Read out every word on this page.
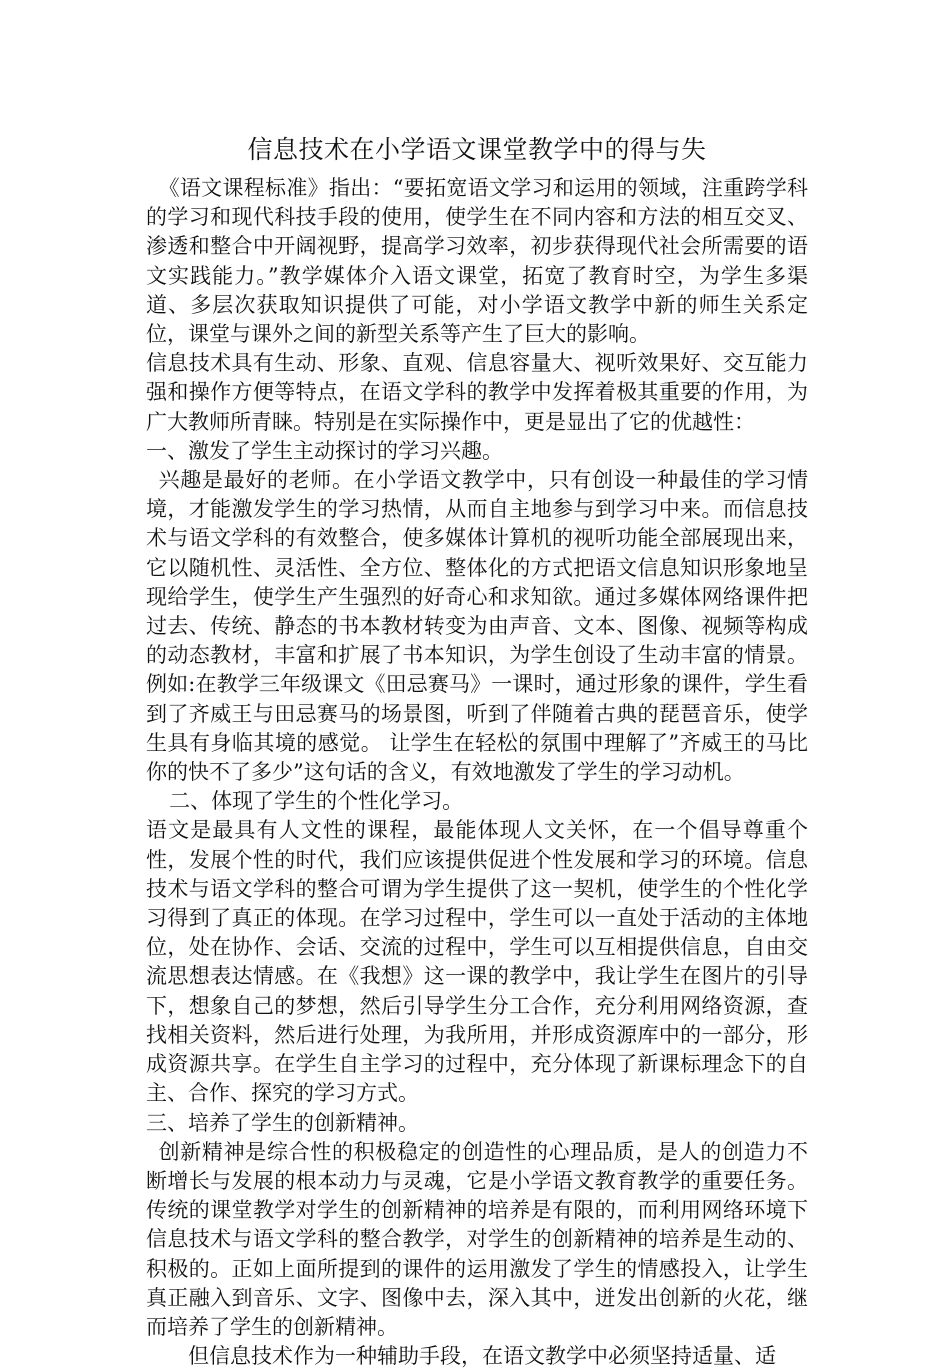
信息技术在小学语文课堂教学中的得与失

《语文课程标准》指出：“要拓宽语文学习和运用的领域，注重跨学科的学习和现代科技手段的使用，使学生在不同内容和方法的相互交叉、渗透和整合中开阔视野，提高学习效率，初步获得现代社会所需要的语文实践能力。”教学媒体介入语文课堂，拓宽了教育时空，为学生多渠道、多层次获取知识提供了可能，对小学语文教学中新的师生关系定位，课堂与课外之间的新型关系等产生了巨大的影响。

信息技术具有生动、形象、直观、信息容量大、视听效果好、交互能力强和操作方便等特点，在语文学科的教学中发挥着极其重要的作用，为广大教师所青睐。特别是在实际操作中，更是显出了它的优越性：

一、激发了学生主动探讨的学习兴趣。

兴趣是最好的老师。在小学语文教学中，只有创设一种最佳的学习情境，才能激发学生的学习热情，从而自主地参与到学习中来。而信息技术与语文学科的有效整合，使多媒体计算机的视听功能全部展现出来，它以随机性、灵活性、全方位、整体化的方式把语文信息知识形象地呈现给学生，使学生产生强烈的好奇心和求知欲。通过多媒体网络课件把过去、传统、静态的书本教材转变为由声音、文本、图像、视频等构成的动态教材，丰富和扩展了书本知识，为学生创设了生动丰富的情景。例如:在教学三年级课文《田忌赛马》一课时，通过形象的课件，学生看到了齐威王与田忌赛马的场景图，听到了伴随着古典的琵琶音乐，使学生具有身临其境的感觉。 让学生在轻松的氛围中理解了”齐威王的马比你的快不了多少”这句话的含义，有效地激发了学生的学习动机。

二、体现了学生的个性化学习。

语文是最具有人文性的课程，最能体现人文关怀，在一个倡导尊重个性，发展个性的时代，我们应该提供促进个性发展和学习的环境。信息技术与语文学科的整合可谓为学生提供了这一契机，使学生的个性化学习得到了真正的体现。在学习过程中，学生可以一直处于活动的主体地位，处在协作、会话、交流的过程中，学生可以互相提供信息，自由交流思想表达情感。在《我想》这一课的教学中，我让学生在图片的引导下，想象自己的梦想，然后引导学生分工合作，充分利用网络资源，查找相关资料，然后进行处理，为我所用，并形成资源库中的一部分，形成资源共享。在学生自主学习的过程中，充分体现了新课标理念下的自主、合作、探究的学习方式。

三、培养了学生的创新精神。

创新精神是综合性的积极稳定的创造性的心理品质，是人的创造力不断增长与发展的根本动力与灵魂，它是小学语文教育教学的重要任务。传统的课堂教学对学生的创新精神的培养是有限的，而利用网络环境下信息技术与语文学科的整合教学，对学生的创新精神的培养是生动的、积极的。正如上面所提到的课件的运用激发了学生的情感投入，让学生真正融入到音乐、文字、图像中去，深入其中，迸发出创新的火花，继而培养了学生的创新精神。

但信息技术作为一种辅助手段，在语文教学中必须坚持适量、适
